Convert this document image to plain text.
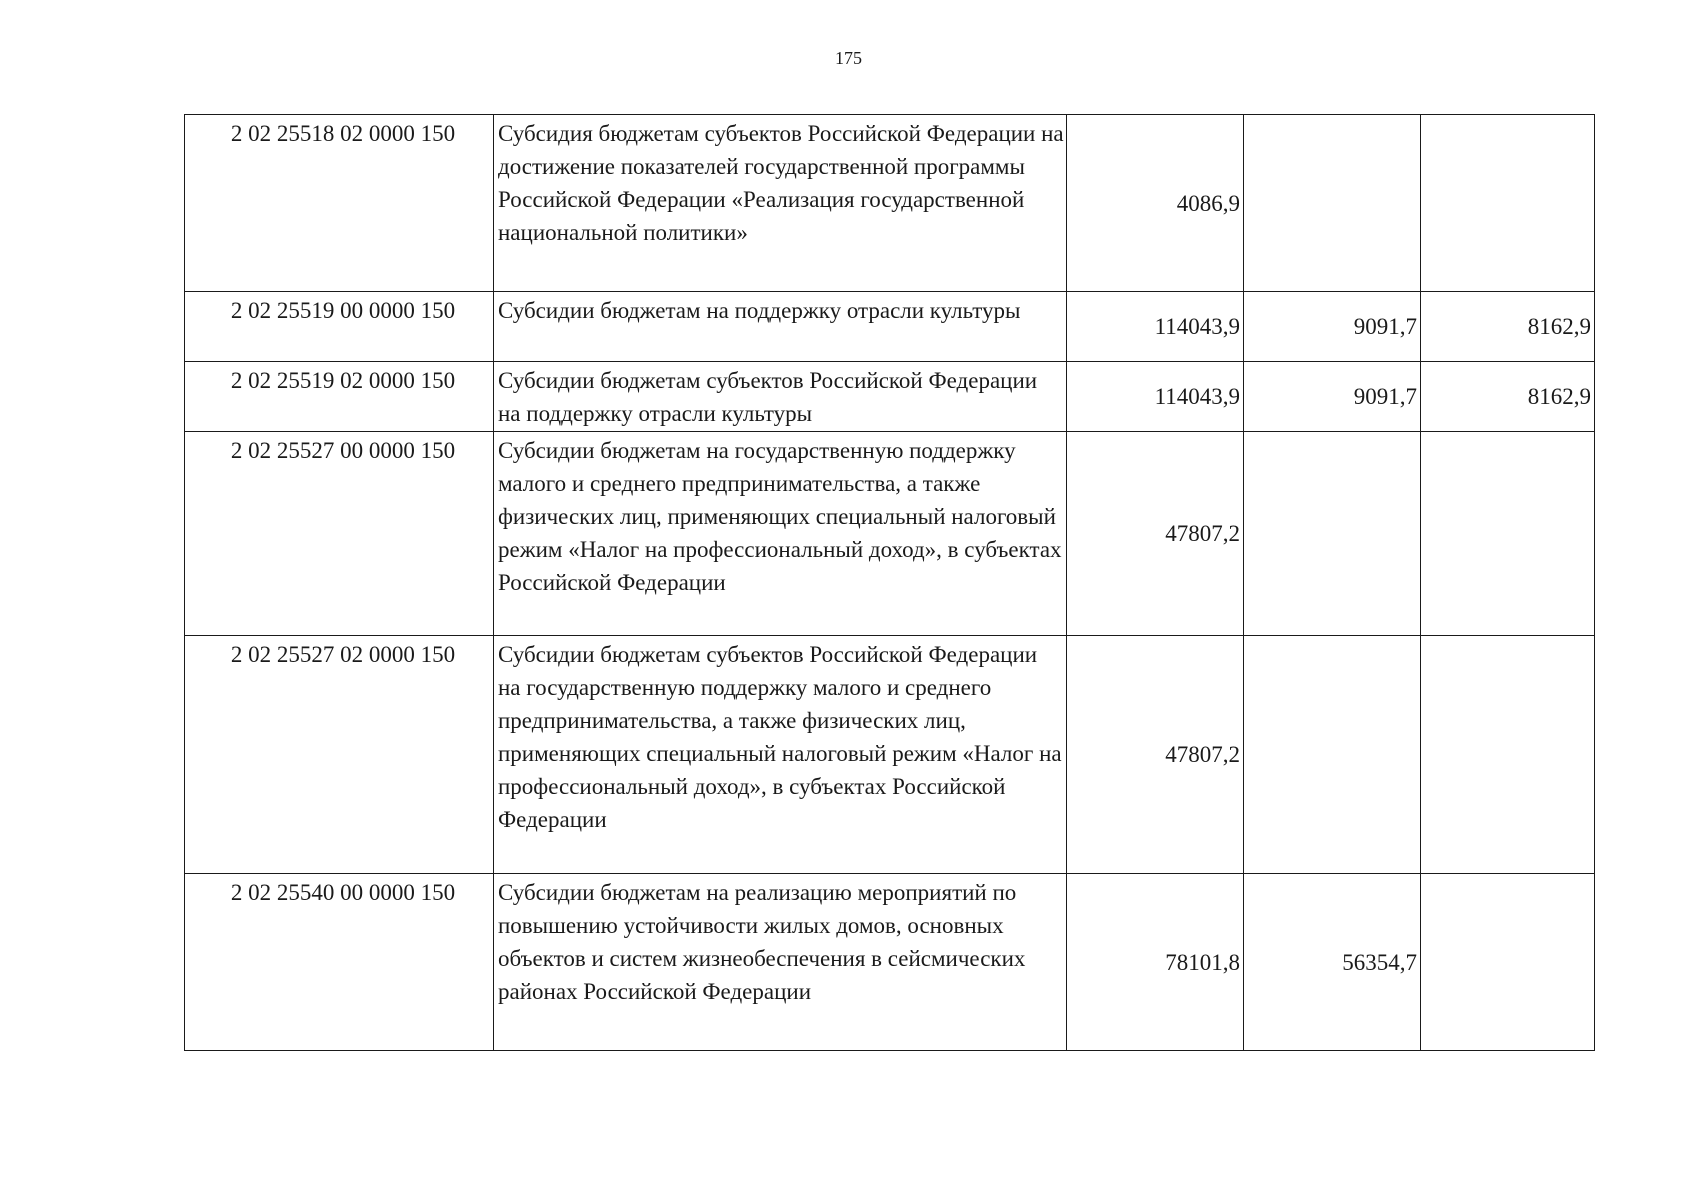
175
2 02 25518 02 0000 150	Субсидия бюджетам субъектов Российской Федерации на достижение показателей государственной программы Российской Федерации «Реализация государственной национальной политики»	4086,9		
2 02 25519 00 0000 150	Субсидии бюджетам на поддержку отрасли культуры	114043,9	9091,7	8162,9
2 02 25519 02 0000 150	Субсидии бюджетам субъектов Российской Федерации на поддержку отрасли культуры	114043,9	9091,7	8162,9
2 02 25527 00 0000 150	Субсидии бюджетам на государственную поддержку малого и среднего предпринимательства, а также физических лиц, применяющих специальный налоговый режим «Налог на профессиональный доход», в субъектах Российской Федерации	47807,2		
2 02 25527 02 0000 150	Субсидии бюджетам субъектов Российской Федерации на государственную поддержку малого и среднего предпринимательства, а также физических лиц, применяющих специальный налоговый режим «Налог на профессиональный доход», в субъектах Российской Федерации	47807,2		
2 02 25540 00 0000 150	Субсидии бюджетам на реализацию мероприятий по повышению устойчивости жилых домов, основных объектов и систем жизнеобеспечения в сейсмических районах Российской Федерации	78101,8	56354,7	
